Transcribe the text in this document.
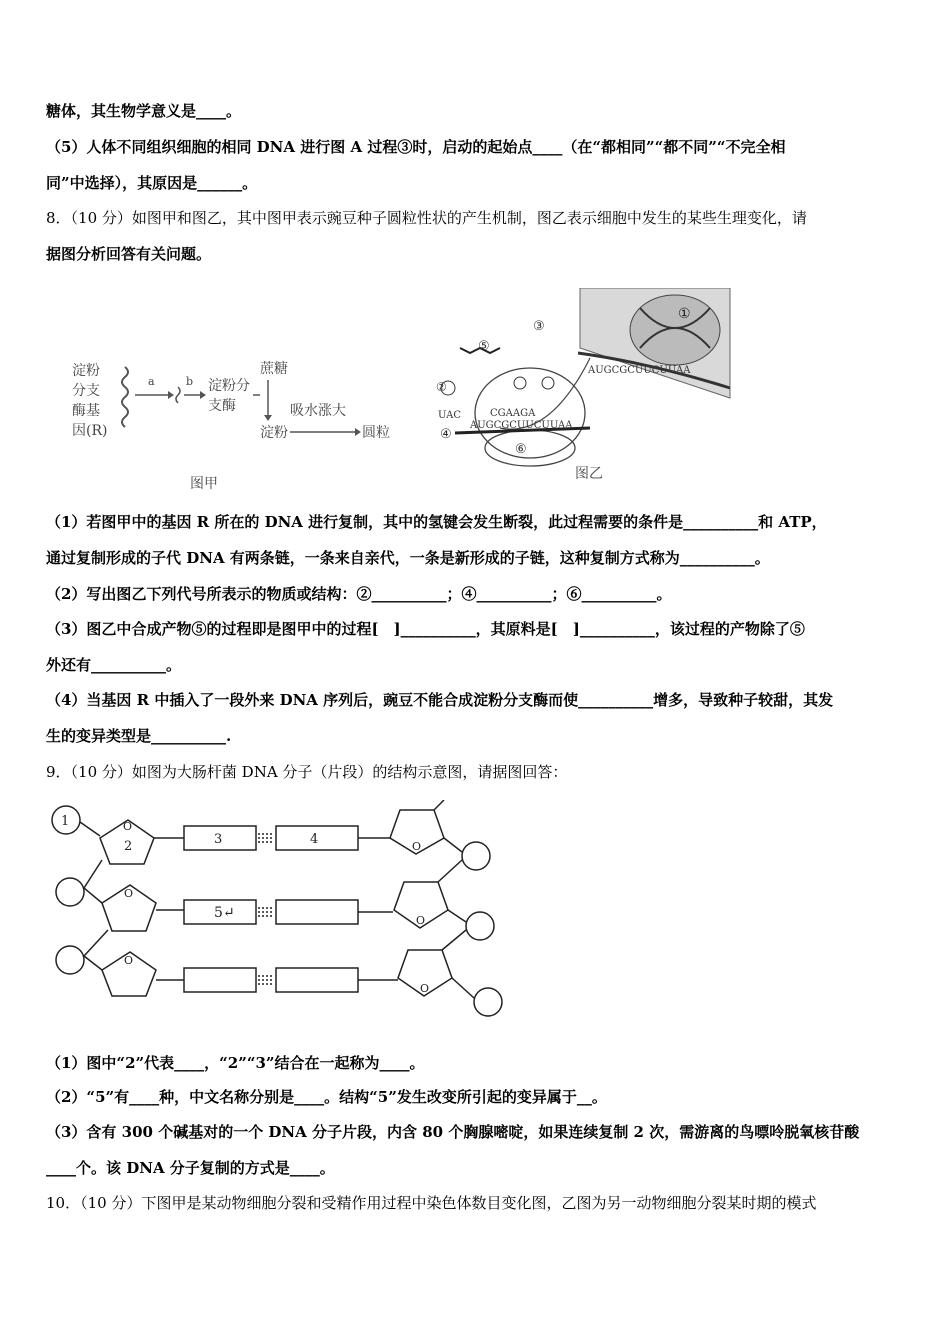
糖体，其生物学意义是____。
（5）人体不同组织细胞的相同 DNA 进行图 A 过程③时，启动的起始点____（在“都相同”“都不同”“不完全相
同”中选择），其原因是______。
8．（10 分）如图甲和图乙，其中图甲表示豌豆种子圆粒性状的产生机制，图乙表示细胞中发生的某些生理变化，请
据图分析回答有关问题。
淀粉
分支
酶基
因(R)
a	b 淀粉分
支酶
蔗糖
吸水涨大
淀粉	圆粒
图甲
①
AUGCGCUUCUUAA
AUGCGCUUCUUAA
⑥
④
CGAAGA
UAC
②
⑤
③
图乙
（1）若图甲中的基因 R 所在的 DNA 进行复制，其中的氢键会发生断裂，此过程需要的条件是__________和 ATP，
通过复制形成的子代 DNA 有两条链，一条来自亲代，一条是新形成的子链，这种复制方式称为__________。
（2）写出图乙下列代号所表示的物质或结构：②__________；④__________；⑥__________。
（3）图乙中合成产物⑤的过程即是图甲中的过程[　]__________，其原料是[　]__________，该过程的产物除了⑤
外还有__________。
（4）当基因 R 中插入了一段外来 DNA 序列后，豌豆不能合成淀粉分支酶而使__________增多，导致种子较甜，其发
生的变异类型是__________.
9．（10 分）如图为大肠杆菌 DNA 分子（片段）的结构示意图，请据图回答：
1
2	3	4
5↵
O
O
O
O
O
O
（1）图中“2”代表____，“2”“3”结合在一起称为____。
（2）“5”有____种，中文名称分别是____。结构“5”发生改变所引起的变异属于__。
（3）含有 300 个碱基对的一个 DNA 分子片段，内含 80 个胸腺嘧啶，如果连续复制 2 次，需游离的鸟嘌呤脱氧核苷酸
____个。该 DNA 分子复制的方式是____。
10．（10 分）下图甲是某动物细胞分裂和受精作用过程中染色体数目变化图，乙图为另一动物细胞分裂某时期的模式
